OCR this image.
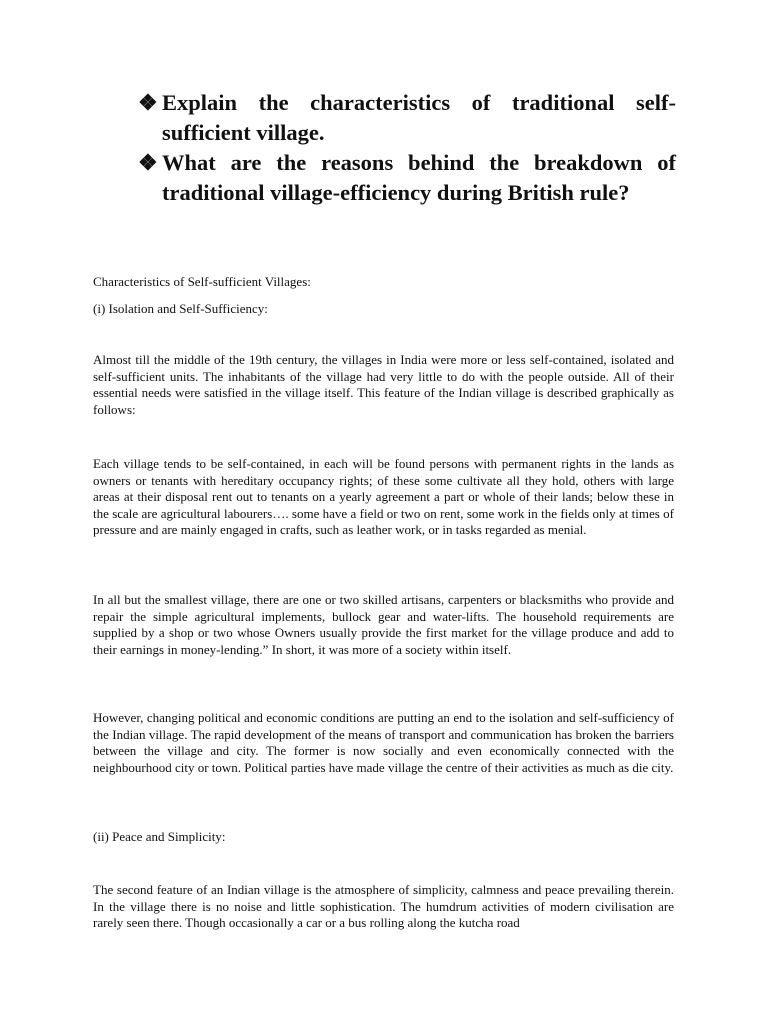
❖ Explain the characteristics of traditional self-sufficient village.
❖ What are the reasons behind the breakdown of traditional village-efficiency during British rule?
Characteristics of Self-sufficient Villages:
(i) Isolation and Self-Sufficiency:

Almost till the middle of the 19th century, the villages in India were more or less self-contained, isolated and self-sufficient units. The inhabitants of the village had very little to do with the people outside. All of their essential needs were satisfied in the village itself. This feature of the Indian village is described graphically as follows:

Each village tends to be self-contained, in each will be found persons with permanent rights in the lands as owners or tenants with hereditary occupancy rights; of these some cultivate all they hold, others with large areas at their disposal rent out to tenants on a yearly agreement a part or whole of their lands; below these in the scale are agricultural labourers…. some have a field or two on rent, some work in the fields only at times of pressure and are mainly engaged in crafts, such as leather work, or in tasks regarded as menial.

In all but the smallest village, there are one or two skilled artisans, carpenters or blacksmiths who provide and repair the simple agricultural implements, bullock gear and water-lifts. The household requirements are supplied by a shop or two whose Owners usually provide the first market for the village produce and add to their earnings in money-lending.” In short, it was more of a society within itself.

However, changing political and economic conditions are putting an end to the isolation and self-sufficiency of the Indian village. The rapid development of the means of transport and communication has broken the barriers between the village and city. The former is now socially and even economically connected with the neighbourhood city or town. Political parties have made village the centre of their activities as much as die city.

(ii) Peace and Simplicity:

The second feature of an Indian village is the atmosphere of simplicity, calmness and peace prevailing therein. In the village there is no noise and little sophistication. The humdrum activities of modern civilisation are rarely seen there. Though occasionally a car or a bus rolling along the kutcha road
